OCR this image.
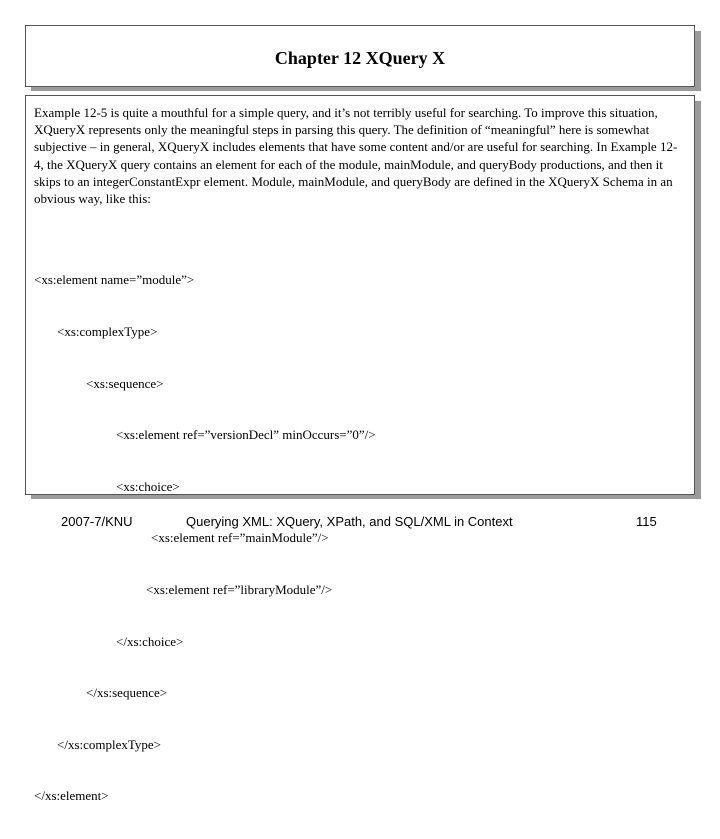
Chapter 12 XQuery X
Example 12-5 is quite a mouthful for a simple query, and it’s not terribly useful for searching. To improve this situation, XQueryX represents only the meaningful steps in parsing this query. The definition of “meaningful” here is somewhat subjective – in general, XQueryX includes elements that have some content and/or are useful for searching. In Example 12-4, the XQueryX query contains an element for each of the module, mainModule, and queryBody productions, and then it skips to an integerConstantExpr element. Module, mainModule, and queryBody are defined in the XQueryX Schema in an obvious way, like this:

<xs:element name=”module”>

<xs:complexType>

<xs:sequence>

<xs:element ref=”versionDecl” minOccurs=”0”/>

<xs:choice>

<xs:element ref=”mainModule”/>

<xs:element ref=”libraryModule”/>

</xs:choice>

</xs:sequence>

</xs:complexType>

</xs:element>

2007-7/KNU	Querying XML: XQuery, XPath, and SQL/XML in Context	115
